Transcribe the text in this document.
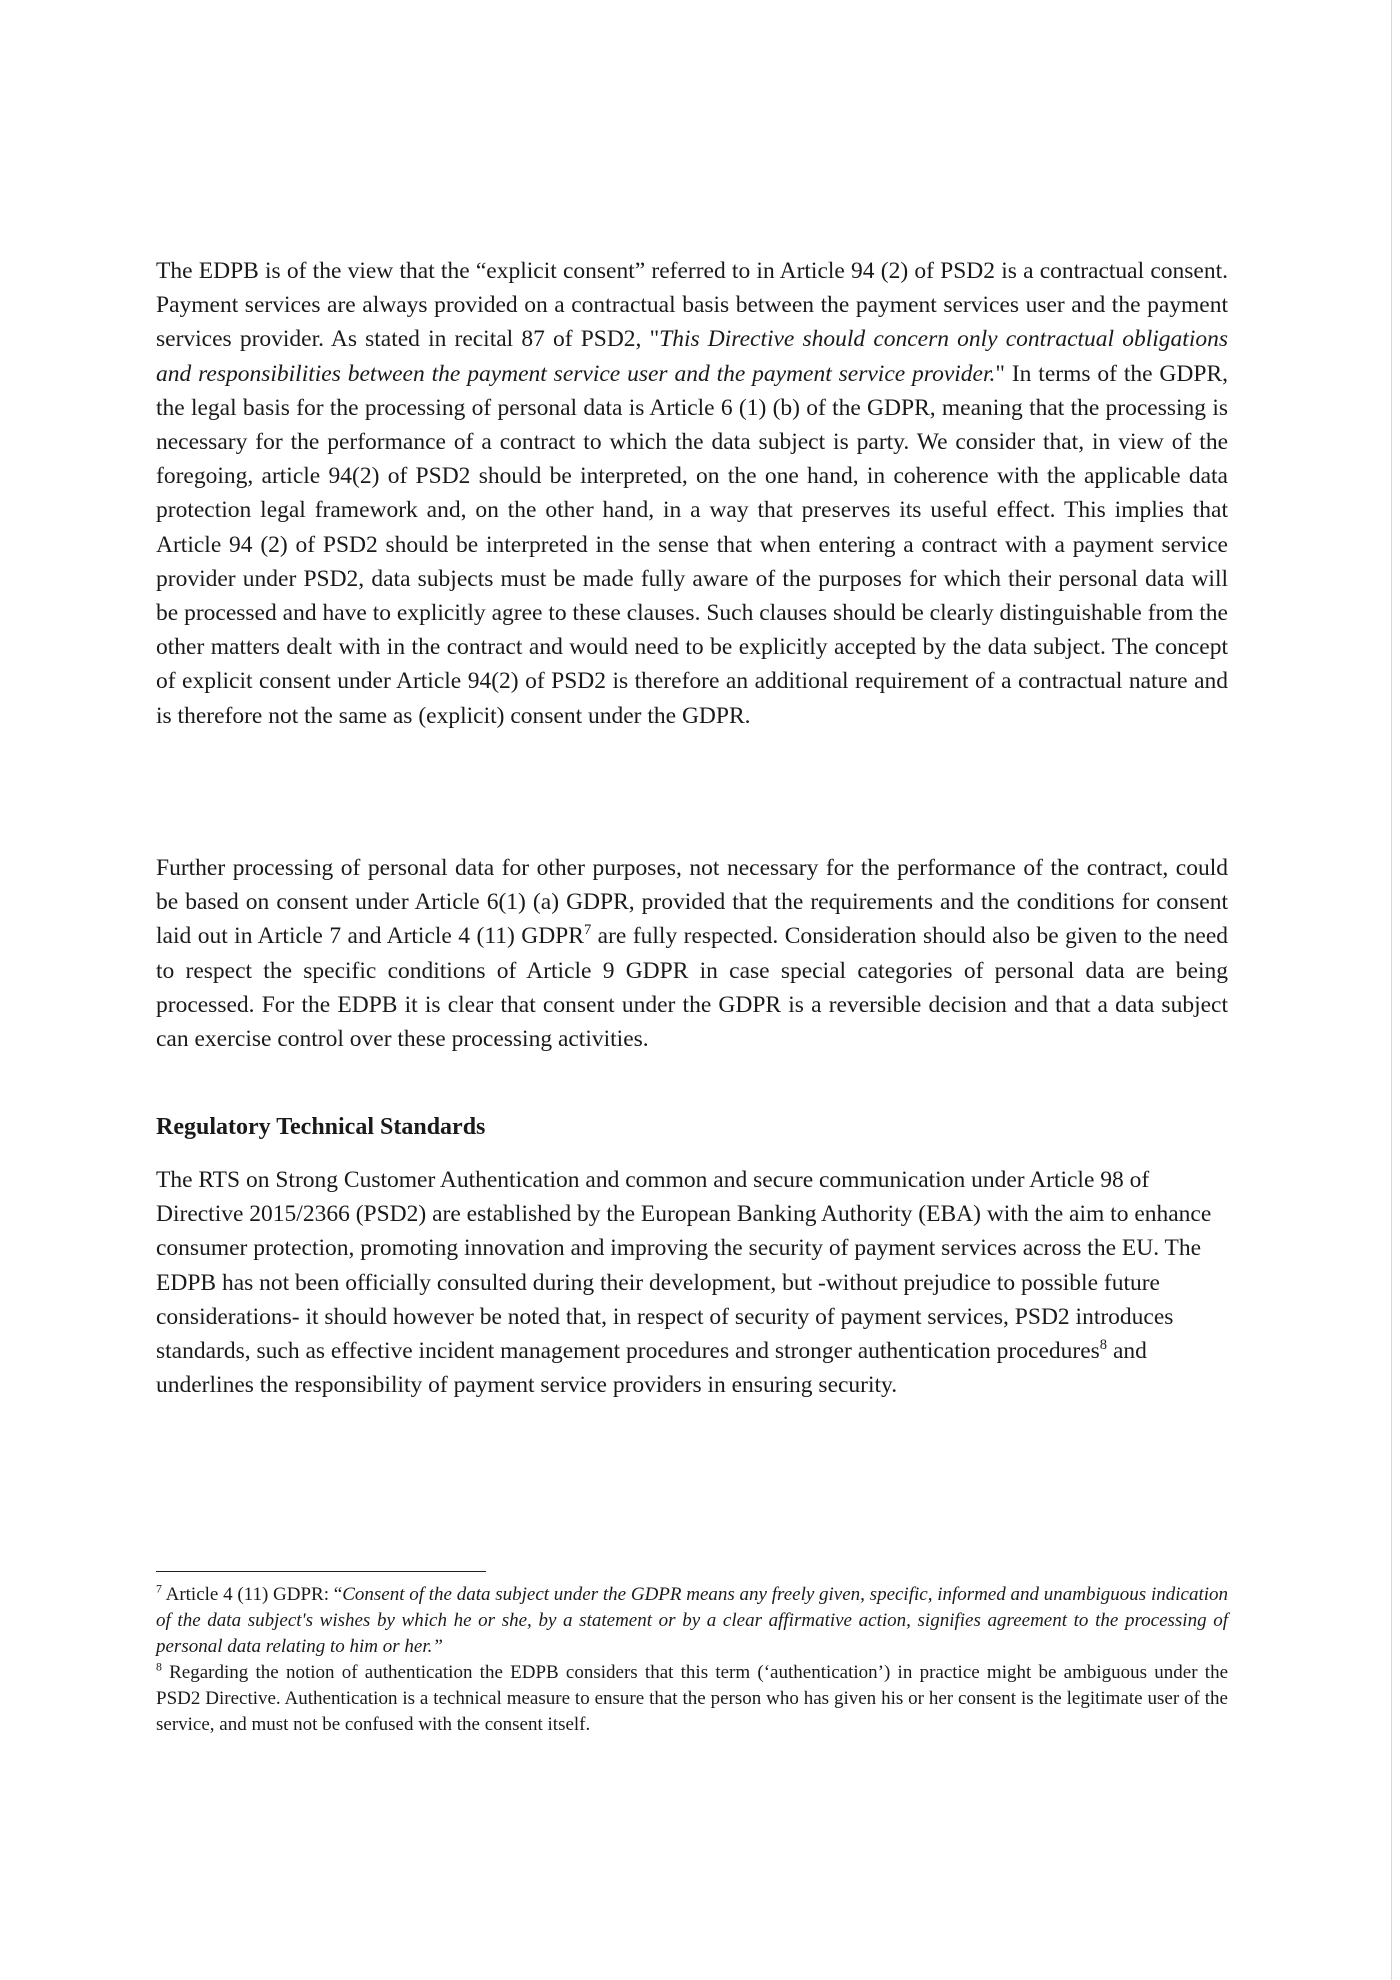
The EDPB is of the view that the “explicit consent” referred to in Article 94 (2) of PSD2 is a contractual consent. Payment services are always provided on a contractual basis between the payment services user and the payment services provider. As stated in recital 87 of PSD2, "This Directive should concern only contractual obligations and responsibilities between the payment service user and the payment service provider." In terms of the GDPR, the legal basis for the processing of personal data is Article 6 (1) (b) of the GDPR, meaning that the processing is necessary for the performance of a contract to which the data subject is party. We consider that, in view of the foregoing, article 94(2) of PSD2 should be interpreted, on the one hand, in coherence with the applicable data protection legal framework and, on the other hand, in a way that preserves its useful effect. This implies that Article 94 (2) of PSD2 should be interpreted in the sense that when entering a contract with a payment service provider under PSD2, data subjects must be made fully aware of the purposes for which their personal data will be processed and have to explicitly agree to these clauses. Such clauses should be clearly distinguishable from the other matters dealt with in the contract and would need to be explicitly accepted by the data subject. The concept of explicit consent under Article 94(2) of PSD2 is therefore an additional requirement of a contractual nature and is therefore not the same as (explicit) consent under the GDPR.

Further processing of personal data for other purposes, not necessary for the performance of the contract, could be based on consent under Article 6(1) (a) GDPR, provided that the requirements and the conditions for consent laid out in Article 7 and Article 4 (11) GDPR$^7$ are fully respected. Consideration should also be given to the need to respect the specific conditions of Article 9 GDPR in case special categories of personal data are being processed. For the EDPB it is clear that consent under the GDPR is a reversible decision and that a data subject can exercise control over these processing activities.

Regulatory Technical Standards

The RTS on Strong Customer Authentication and common and secure communication under Article 98 of Directive 2015/2366 (PSD2) are established by the European Banking Authority (EBA) with the aim to enhance consumer protection, promoting innovation and improving the security of payment services across the EU. The EDPB has not been officially consulted during their development, but -without prejudice to possible future considerations- it should however be noted that, in respect of security of payment services, PSD2 introduces standards, such as effective incident management procedures and stronger authentication procedures$^8$ and underlines the responsibility of payment service providers in ensuring security.

$^7$ Article 4 (11) GDPR: “Consent of the data subject under the GDPR means any freely given, specific, informed and unambiguous indication of the data subject's wishes by which he or she, by a statement or by a clear affirmative action, signifies agreement to the processing of personal data relating to him or her.”

$^8$ Regarding the notion of authentication the EDPB considers that this term (‘authentication’) in practice might be ambiguous under the PSD2 Directive. Authentication is a technical measure to ensure that the person who has given his or her consent is the legitimate user of the service, and must not be confused with the consent itself.
